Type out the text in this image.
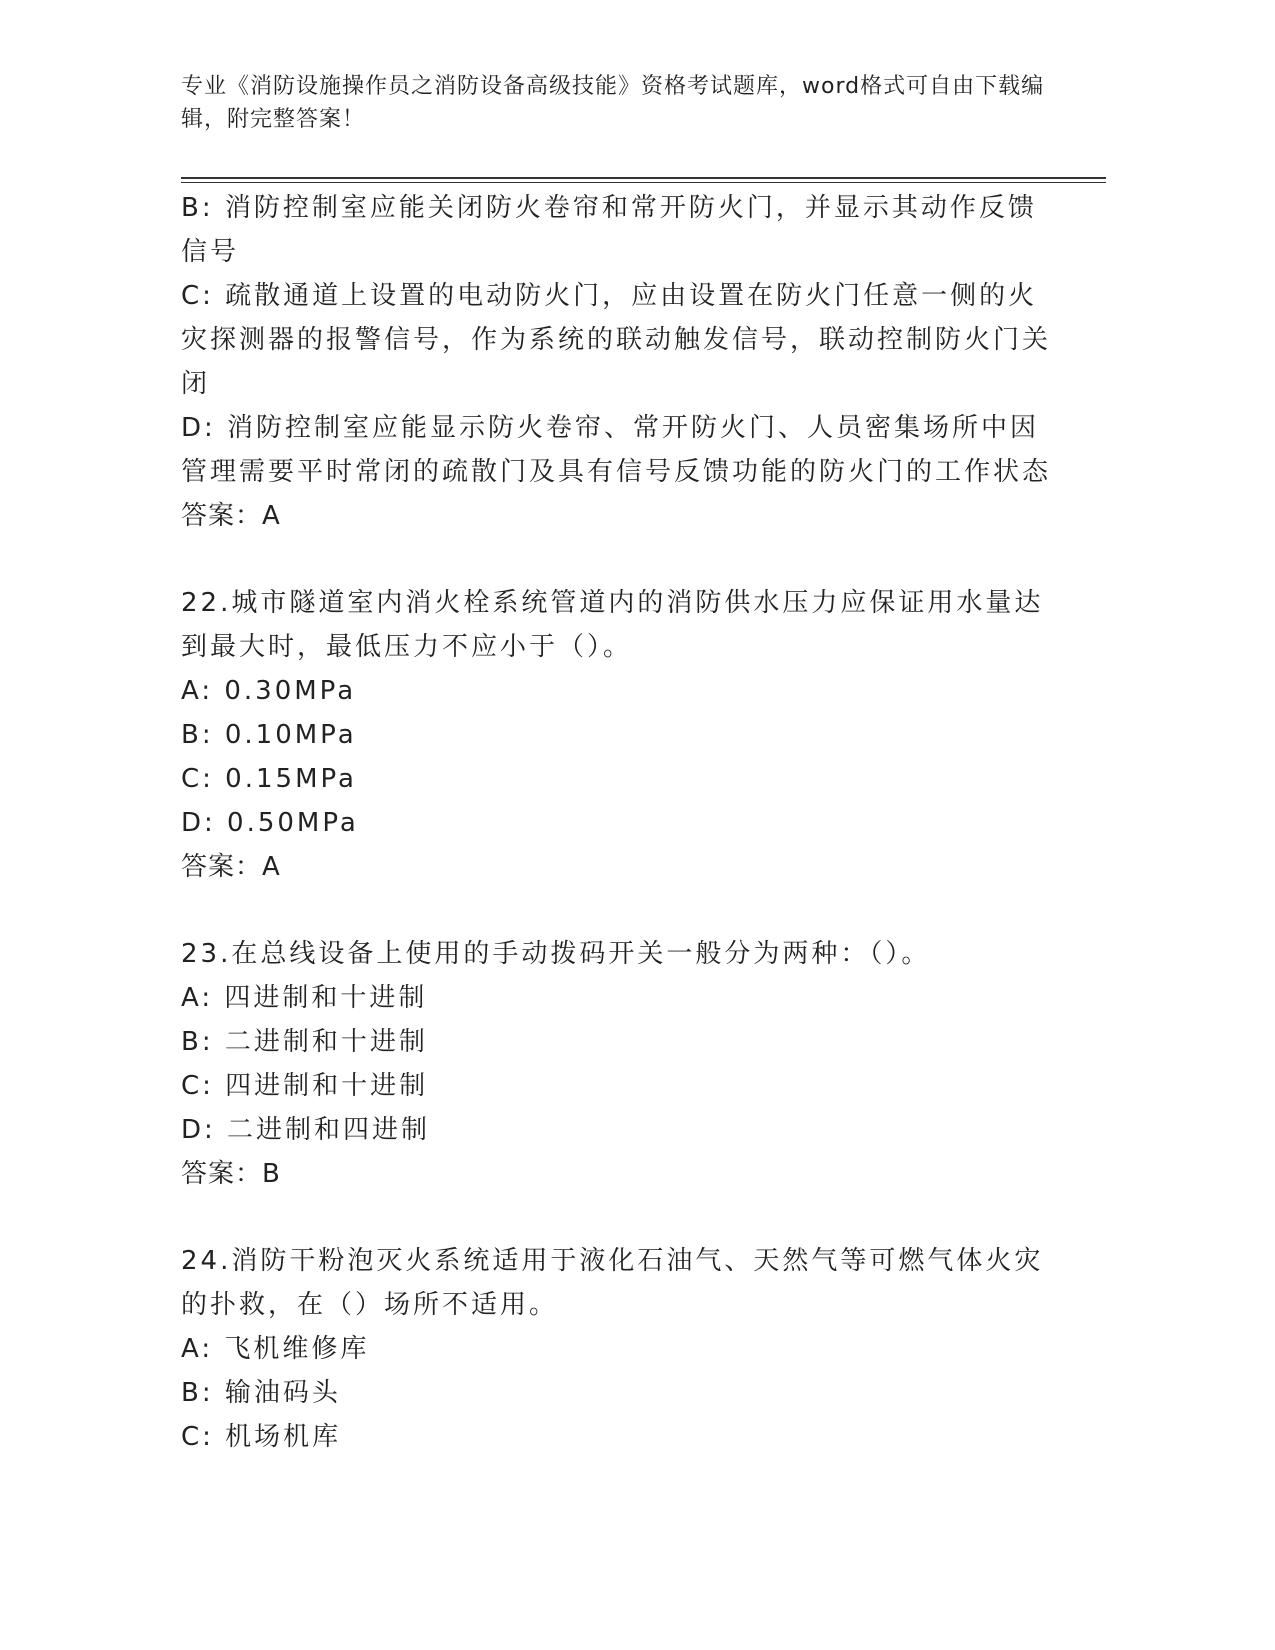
专业《消防设施操作员之消防设备高级技能》资格考试题库，word格式可自由下载编辑，附完整答案！

B: 消防控制室应能关闭防火卷帘和常开防火门，并显示其动作反馈信号

C: 疏散通道上设置的电动防火门，应由设置在防火门任意一侧的火灾探测器的报警信号，作为系统的联动触发信号，联动控制防火门关闭

D: 消防控制室应能显示防火卷帘、常开防火门、人员密集场所中因管理需要平时常闭的疏散门及具有信号反馈功能的防火门的工作状态

答案：A

22.城市隧道室内消火栓系统管道内的消防供水压力应保证用水量达到最大时，最低压力不应小于（）。

A: 0.30MPa

B: 0.10MPa

C: 0.15MPa

D: 0.50MPa

答案：A

23.在总线设备上使用的手动拨码开关一般分为两种：（）。

A: 四进制和十进制

B: 二进制和十进制

C: 四进制和十进制

D: 二进制和四进制

答案：B

24.消防干粉泡灭火系统适用于液化石油气、天然气等可燃气体火灾的扑救，在（）场所不适用。

A: 飞机维修库

B: 输油码头

C: 机场机库
